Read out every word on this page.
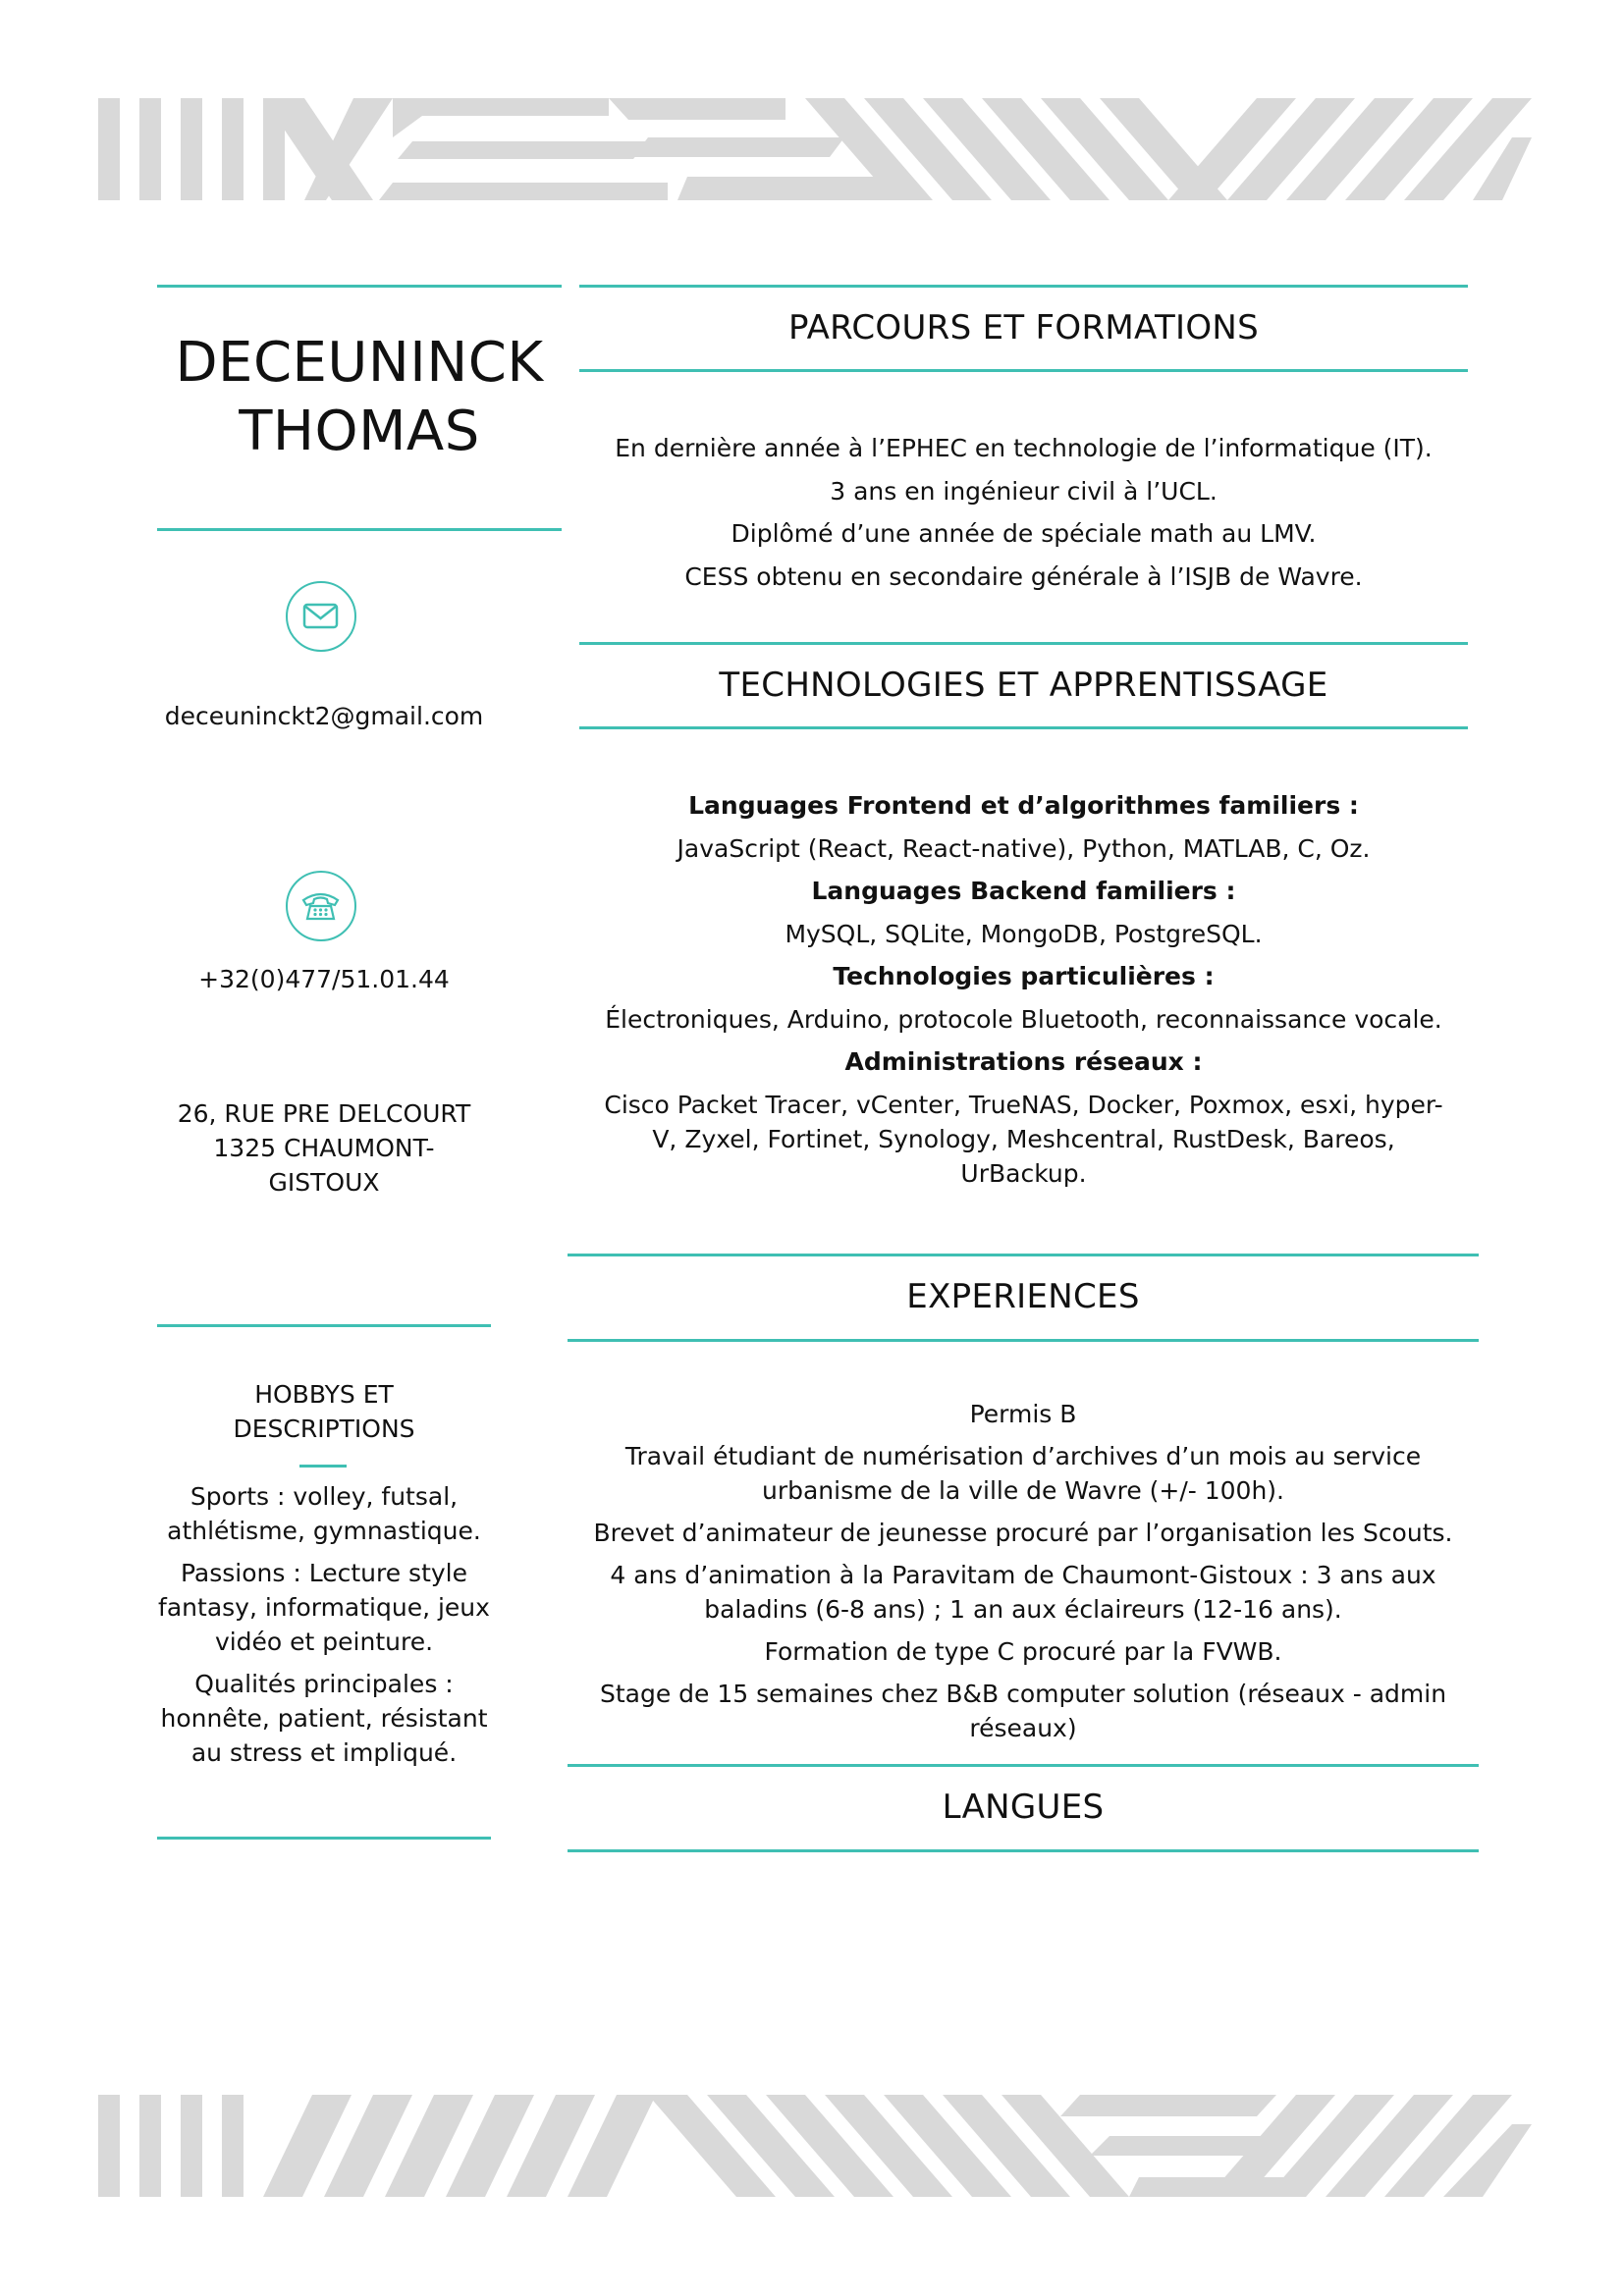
DECEUNINCK
THOMAS
deceuninckt2@gmail.com
+32(0)477/51.01.44
26, RUE PRE DELCOURT
1325 CHAUMONT-
GISTOUX
HOBBYS ET
DESCRIPTIONS

Sports : volley, futsal, athlétisme, gymnastique.

Passions : Lecture style fantasy, informatique, jeux vidéo et peinture.

Qualités principales : honnête, patient, résistant au stress et impliqué.

PARCOURS ET FORMATIONS
En dernière année à l’EPHEC en technologie de l’informatique (IT).
3 ans en ingénieur civil à l’UCL.
Diplômé d’une année de spéciale math au LMV.
CESS obtenu en secondaire générale à l’ISJB de Wavre.
TECHNOLOGIES ET APPRENTISSAGE
Languages Frontend et d’algorithmes familiers :
JavaScript (React, React-native), Python, MATLAB, C, Oz.
Languages Backend familiers :
MySQL, SQLite, MongoDB, PostgreSQL.
Technologies particulières :
Électroniques, Arduino, protocole Bluetooth, reconnaissance vocale.
Administrations réseaux :
Cisco Packet Tracer, vCenter, TrueNAS, Docker, Poxmox, esxi, hyper-V, Zyxel, Fortinet, Synology, Meshcentral, RustDesk, Bareos, UrBackup.
EXPERIENCES

Permis B

Travail étudiant de numérisation d’archives d’un mois au service urbanisme de la ville de Wavre (+/- 100h).

Brevet d’animateur de jeunesse procuré par l’organisation les Scouts.

4 ans d’animation à la Paravitam de Chaumont-Gistoux : 3 ans aux baladins (6-8 ans) ; 1 an aux éclaireurs (12-16 ans).

Formation de type C procuré par la FVWB.

Stage de 15 semaines chez B&B computer solution (réseaux - admin réseaux)

LANGUES
